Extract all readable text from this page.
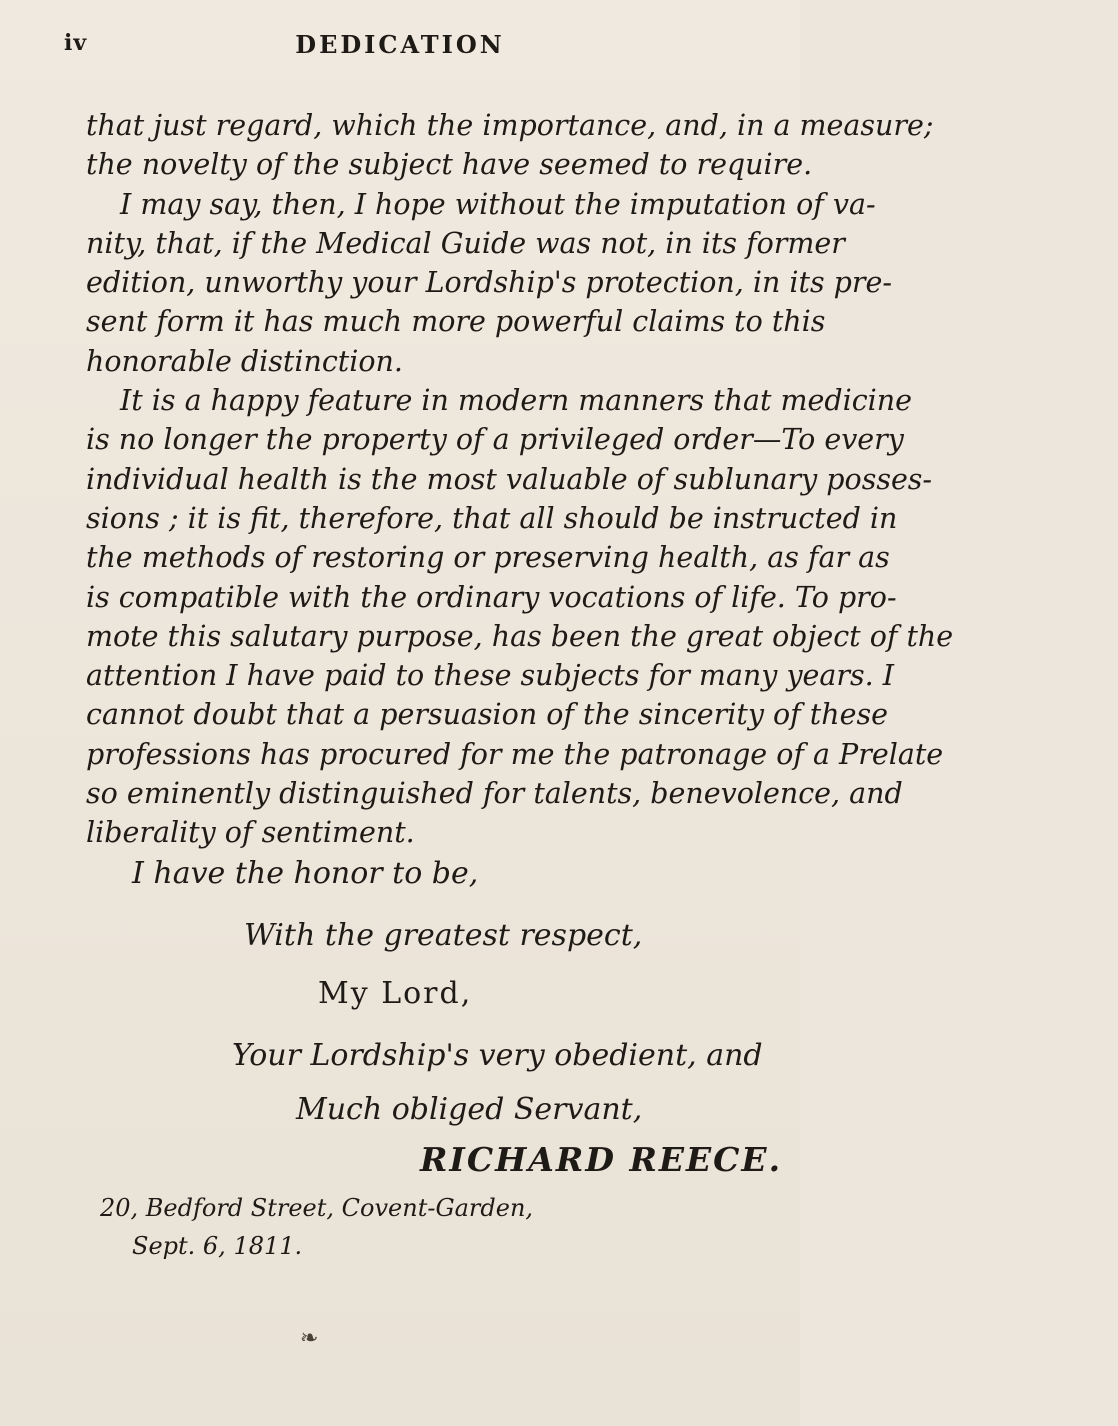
iv	DEDICATION
that just regard, which the importance, and, in a measure;
the novelty of the subject have seemed to require.
I may say, then, I hope without the imputation of va-
nity, that, if the Medical Guide was not, in its former
edition, unworthy your Lordship's protection, in its pre-
sent form it has much more powerful claims to this
honorable distinction.
It is a happy feature in modern manners that medicine
is no longer the property of a privileged order—To every
individual health is the most valuable of sublunary posses-
sions ; it is fit, therefore, that all should be instructed in
the methods of restoring or preserving health, as far as
is compatible with the ordinary vocations of life. To pro-
mote this salutary purpose, has been the great object of the
attention I have paid to these subjects for many years. I
cannot doubt that a persuasion of the sincerity of these
professions has procured for me the patronage of a Prelate
so eminently distinguished for talents, benevolence, and
liberality of sentiment.
I have the honor to be,
With the greatest respect,
My Lord,
Your Lordship's very obedient, and
Much obliged Servant,
RICHARD REECE.
20, Bedford Street, Covent-Garden,
Sept. 6, 1811.
❧
